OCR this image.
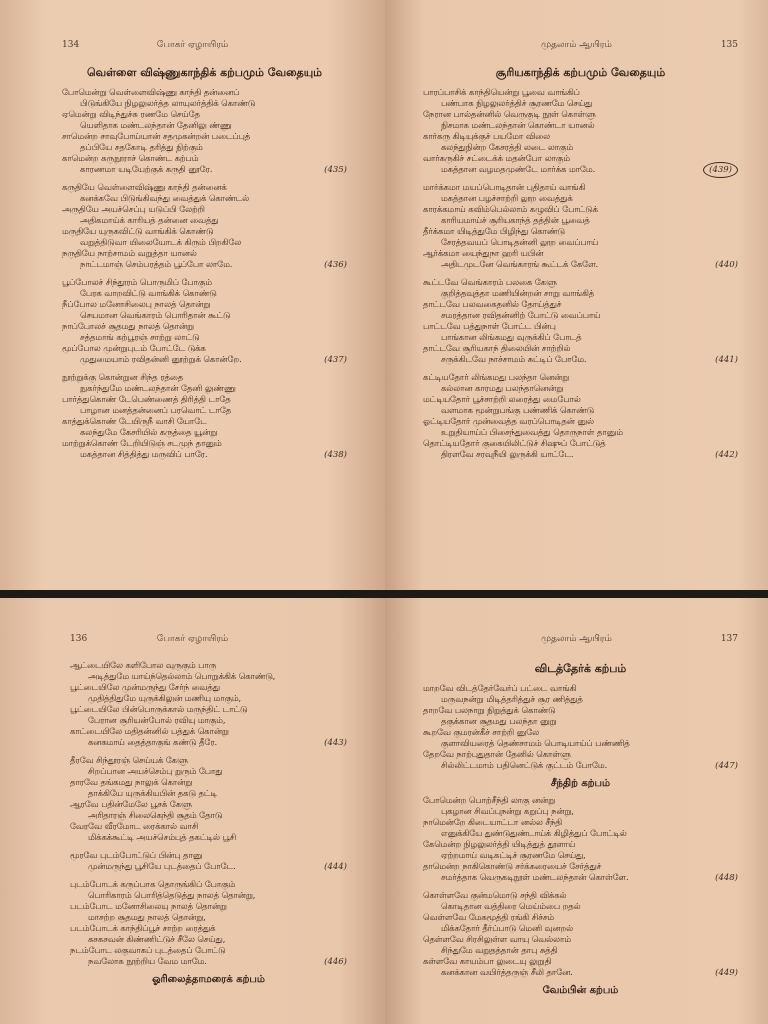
134	போகர் ஏழாயிரம்
வெள்ளை விஷ்ணுகாந்திக் கற்பமும் வேதையும்
போமென்று வெள்ளைவிஷ்ணு காந்தி தன்னைப்
பிடுங்கியே நிழலுலர்த்த லாயுலர்த்திக் கொண்டு
ஏமென்று விடிந்துச்சு ரணமே செய்தே
யெளிதாக மண்டலந்தான் தேனிலு ண்ணு
சாமென்ற சாவுபோய்யான் சதமுகன்றன் படைப்புத்
தப்பியே சதகோடி தரித்து நிற்கும்
காமென்ற கருநூராச் கொண்ட கற்பம்
காரணமா யடியேற்குக் கருதி னூரே.	(435)
கருதியே வெள்ளைவிஷ்ணு காந்தி தன்னைக்
கனக்கவே பிடுங்கிவந்து வைத்துக் கொண்டல்
அருதியே அயச்செப்பு யடுப்பி லேற்றி
அதிகமாய்க் காரியத் தன்னை வைத்து
மருதியே யுருகவிட்டு வாங்கிக் கொண்டு
வறுத்திடுவா யிலையோடக் கிரும் பிறகிலே
நருதியே நாற்சாமம் வறுத்தா யானல்
நாட்டமாஞ் செம்பரத்தம் பூப்போ லாமே.	(436)
பூப்போலச் சிந்தூரம் பொருமிப் போகும்
பேரக வாறவிட்டு வாங்கிக் கொண்டு
நீப்போல மனோசிலைபு நாலத் தொன்று
செயமான வெங்காரம் பொரிதான் கூட்டு
நாப்போலச் சூதமது நாலத் தொன்று
சத்தமாங் கற்பூரஞ் சாற்று லாட்டு
மூப்போல முன்றுபுடம் போட்டே டுக்க
முதுமையாம் ரவிதன்னி னூற்றுக் கொன்றே.	(437)
நூற்றுக்கு கொன்றுன சிந்த ரத்தை
நுகர்ந்துமே மண்டலந்தான் தேனி லுண்ணு
பார்த்துகொண் டேபெண்ணைத் திரித்தி டாதே
பாழான மனத்தன்னைப் பரவொட் டாதே
காத்துக்கொண் டேயிருநீ வாசி யோடே
கலந்துமே கேசரியில் கருத்தை யூன்று
மாற்றுக்கொண் டேறியிடுஞ் சடமுந் தானும்
மகத்தான சித்தித்து மருவிப் பாரே.	(438)
முதலாம் ஆயிரம்	135
சூரியகாந்திக் கற்பமும் வேதையும்
பாரப்பாசிக் காந்தியென்று பூவை வாங்கிப்
பண்பாக நிழலுலர்த்திச் சூரணமே செய்து
நேரான பால்தன்னில் வெருகுடி நூள் கொள்ளு
நிசமாக மண்டலந்தான் கொண்டா யானல்
கார்கரு கிடியுக்குச் பயமோ விலை
கலந்துநின்ற கேசரத்தி லடை லாகும்
வார்கருகிச் சட்டைக்க் மதன்போ லாகும்
மகத்தான வழமதமுண்டே மார்க்க மாமே.	(439)
மார்க்கமா மயப்பொடிதான் புதிதாய் வாங்கி
மகத்தான பழச்சாற்றி லூற வைத்துக்
காரக்கமாய் கவிம்பெல்லாம் கழுவிப் போட்டுக்
காரியமாய்ச் சூரியகாந்த் தத்தின் பூவைத்
தீர்க்கமா யிடித்துமே பிழிந்து கொண்டு
சேரத்தவயப் பொடிதன்னி லூற வைப்பாய்
ஆர்க்கமா யைந்துநா ஹரி யபின்
அதிடமுடனே வெங்காரங் கூட்டக் கேளே.	(440)
கூட்டவே வெங்காரம் பலகை கேளு
குறித்தவுத்தா மணியின்றன் சாறு வாங்கித்
தாட்டவே பலவகைதனில் தோய்த்துச்
சமரத்தான ரவிதன்னிற் போட்டு வைப்பாய்
பாட்டவே பத்துநாள் போட்ட பின்பு
பாங்கான லிங்கமது வுருக்கிப் போடத்
தாட்டவே சூரியகாந் திலையின் சாற்றில்
சருக்கிடவே நாச்சாமம் சுட்டிப் போமே.	(441)
கட்டியதோர் லிங்கமது பலந்தா னென்று
கல்லான காரமது பலந்தானென்று
மட்டியதோர் பூச்சாற்றி லரைத்து மைபோல்
வளமாக மூன்றுபங்கு பண்ணிக் கொண்டு
ஓட்டியதோர் முன்வைத்த வரப்பொடிதன் னுல்
உறுதியாய்ப் பிசைந்துவைத்து தொருநாள் தானும்
தொட்டியதோர் குகையிலிட்டுச் சிஷுப் போட்டுத்
திரளவே சரவுநீயி லுருக்கி யாட்டே.	(442)
136	போகர் ஏழாயிரம்
ஆட்டையிலே களிபோல வுருகும் பாரு
அடித்துமே யாய்ந்தெல்லாம் பொறுக்கிக் கொண்டு,
பூட்டையிலே முன்மருந்து சேர்ந் வைத்து
முதித்திதுமே யுருக்கிலுன் மணியு மாகும்,
பூட்டையிலே பின்பொருக்கால் மருந்திட் டாட்டு
பேரான சூரியன்போல் ரவியு மாகும்,
காட்டையிலே மதிதன்னில் பத்துக் கொன்று
கனகமாய் தைத்தாகுங் கண்டு தீரே.	(443)
தீரவே சிந்தூரஞ் செய்யக் கேளு
சிறப்பான அயச்செம்பு றுரும் போது
தாரவே தங்கமது நாலுக் கொன்று
தாக்கியே யுருக்கியபின் தகடு தட்டி
ஆரவே பதின்மேலே பூசக் கேளு
அரிதாரஞ் சிலைகெந்தி சூதம் தோடு
வேரவே வீரமோட ரைக்கால் வாசி
மிக்கக்கூட்டி அயச்செம்புத் தகட்டில் பூசி
மூரவே புடம்போட்டுப் பின்பு தானு
முன்மருந்து பூசியே புடத்தைப் போடே.	(444)
புடம்போடக் கருப்பாக தொருங்கிப் போகும்
பொரிகாரம் பொரித்தெடுத்து நாலத் தொன்று,
படம்போட மனோசிலையு நாலத் தொன்று
மாசற்ற சூதமது நாலத் தொன்று,
படம்போடக் காந்திப்பூச் சாற்ற ரைத்துக்
கசகசவன் கிண்ணிட்டுச் சீலே செய்து,
நடம்போட லகுவாகப் புடத்தைப் போட்டு
நவலோக நூற்றிய வேம மாமே.	(446)
ஓரிலைத்தாமரைக் கற்பம்
முதலாம் ஆயிரம்	137
விடத்தேர்க் கற்பம்
மாறவே விடத்தேர்வேர்ப் பட்டை வாங்கி
மருவநன்று மிடித்தரித்துச் சூர ணித்துத்
தாறவே பலநாறு நிறுத்துக் கொண்டு
தகுக்கான சூதமது பலந்தா னுறு
கூறவே குமரன்கீச் சாற்றி னுலே
குளாவியரைத் தெண்சாமம் பொடியாய்ப் பண்ணித்
தேறவே நாற்புதுதான் தேனில் கொள்ளு
சில்லிட்டமாம் பதினெட்டுக் குட்டம் போமே.	(447)
சீந்திற் கற்பம்
போமென்ற பொற்சீந்தி லாகு னன்று
புகழான சிவப்புநன்று கறுப்பு நன்று,
நாமென்றே கிடையாட்டா னல்ல சீந்தி
எனுக்கியே துண்டுதுண்டாய்க் கிழித்துப் போட்டில்
கேமென்ற நிழலுலர்த்தி யிடித்துத் தூளாய்
ஏற்றமாய் வடிகட்டிச் சூரணமே செய்து,
தாமென்ற நாகிகொண்டு சர்க்கரையைச் சேர்த்துச்
சமர்த்தாக வெருகடிநூள் மண்டலந்தான் கொள்ளே.	(448)
கொள்ளவே குன்மமொடு சந்தி விக்கல்
கொடிதான வத்திரை மெய்ம்பை றதல்
வெள்ளவே மேகமூத்தி ரங்கி சிச்சம்
மிக்கதோர் தீர்ப்பாடு மெனி வுனறல்
தெள்ளவே சிரசிலுள்ள வாயு வெல்லாம்
சிந்துமே வறுதத்தான் தாபு சுத்தி
கள்ளவே காயம்பா லுடையு லுறுதி
கனக்கான வயிர்த்தருஞ் சீலி தானே.	(449)
வேம்பின் கற்பம்
